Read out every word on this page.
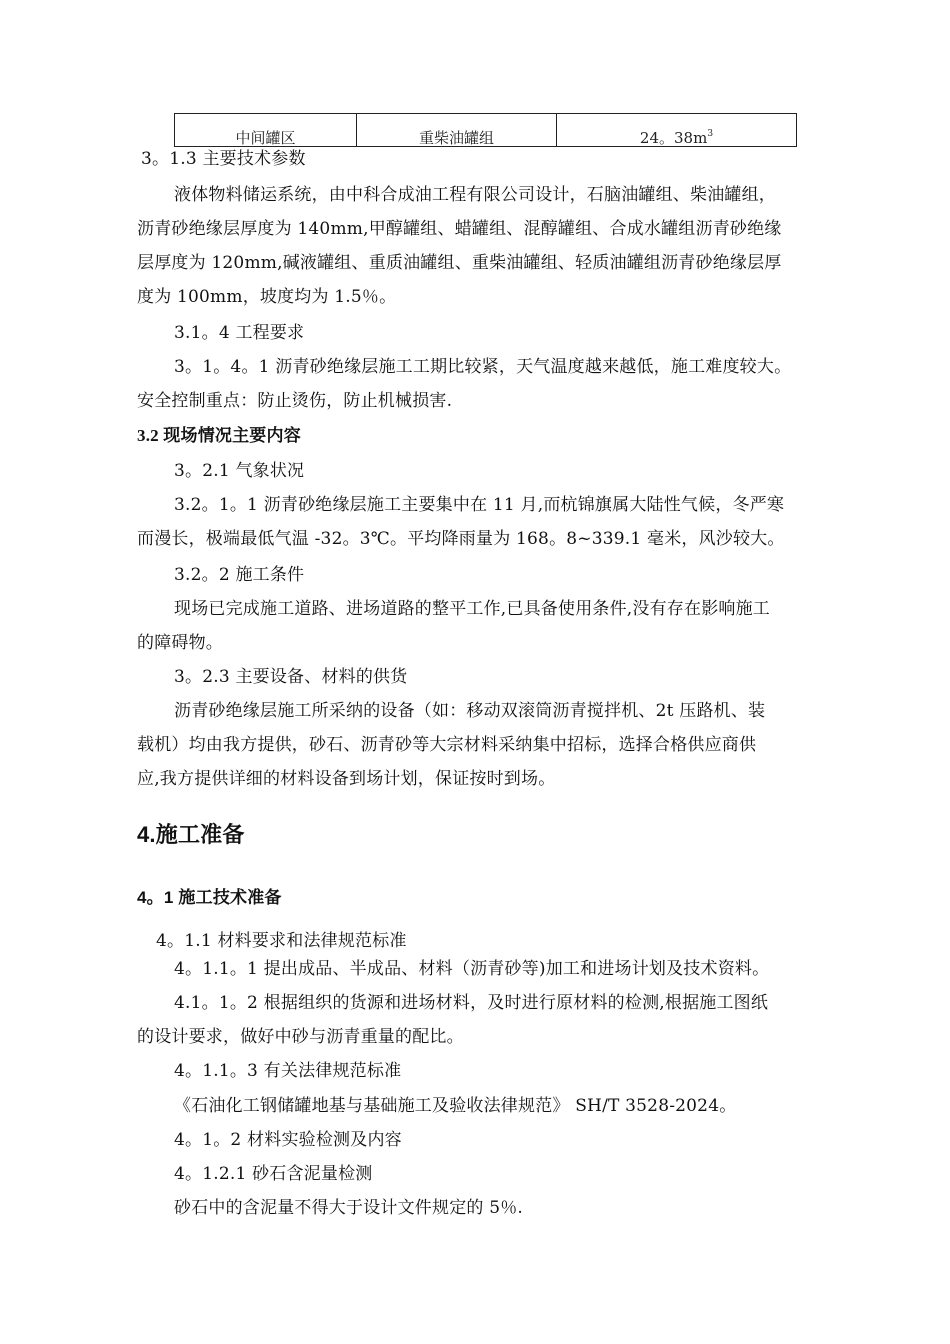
中间罐区	重柴油罐组	24。$38m^3$
3。1.3 主要技术参数
液体物料储运系统，由中科合成油工程有限公司设计，石脑油罐组、柴油罐组，
沥青砂绝缘层厚度为 140mm,甲醇罐组、蜡罐组、混醇罐组、合成水罐组沥青砂绝缘
层厚度为 120mm,碱液罐组、重质油罐组、重柴油罐组、轻质油罐组沥青砂绝缘层厚
度为 100mm，坡度均为 1.5％。
3.1。4 工程要求
3。1。4。1 沥青砂绝缘层施工工期比较紧，天气温度越来越低，施工难度较大。
安全控制重点：防止烫伤，防止机械损害.
3.2 现场情况主要内容
3。2.1 气象状况
3.2。1。1 沥青砂绝缘层施工主要集中在 11 月,而杭锦旗属大陆性气候，冬严寒
而漫长，极端最低气温 -32。3℃。平均降雨量为 168。8~339.1 毫米，风沙较大。
3.2。2 施工条件
现场已完成施工道路、进场道路的整平工作,已具备使用条件,没有存在影响施工
的障碍物。
3。2.3 主要设备、材料的供货
沥青砂绝缘层施工所采纳的设备（如：移动双滚筒沥青搅拌机、2t 压路机、装
载机）均由我方提供，砂石、沥青砂等大宗材料采纳集中招标，选择合格供应商供
应,我方提供详细的材料设备到场计划，保证按时到场。
4.施工准备
4。1 施工技术准备
4。1.1 材料要求和法律规范标准
4。1.1。1 提出成品、半成品、材料（沥青砂等)加工和进场计划及技术资料。
4.1。1。2 根据组织的货源和进场材料，及时进行原材料的检测,根据施工图纸
的设计要求，做好中砂与沥青重量的配比。
4。1.1。3 有关法律规范标准
《石油化工钢储罐地基与基础施工及验收法律规范》 SH/T 3528-2024。
4。1。2 材料实验检测及内容
4。1.2.1 砂石含泥量检测
砂石中的含泥量不得大于设计文件规定的 5％.
